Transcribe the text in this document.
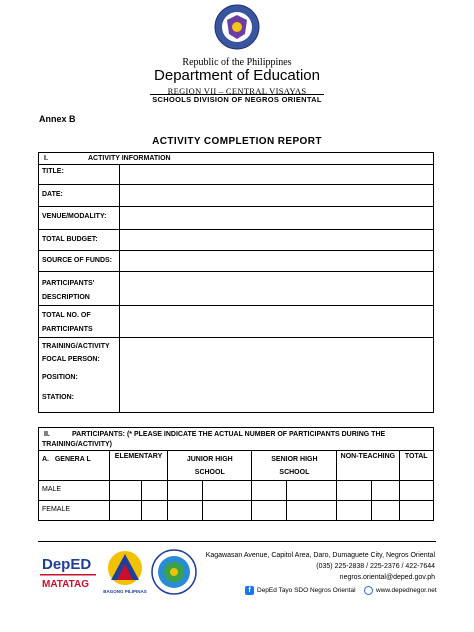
Republic of the Philippines
Department of Education
REGION VII – CENTRAL VISAYAS
SCHOOLS DIVISION OF NEGROS ORIENTAL
Annex B
ACTIVITY COMPLETION REPORT
I. ACTIVITY INFORMATION	
TITLE:	
DATE:	
VENUE/MODALITY:	
TOTAL BUDGET:	
SOURCE OF FUNDS:	
PARTICIPANTS' DESCRIPTION	
TOTAL NO. OF PARTICIPANTS	

TRAINING/ACTIVITY FOCAL PERSON:
POSITION:
STATION:	

II. PARTICIPANTS: (* PLEASE INDICATE THE ACTUAL NUMBER OF PARTICIPANTS DURING THE TRAINING/ACTIVITY)									
A. GENERA L	ELEMENTARY		JUNIOR HIGH SCHOOL		SENIOR HIGH SCHOOL		NON-TEACHING		TOTAL
MALE									
FEMALE									
DepED
MATATAG
BAGONG PILIPINAS
Kagawasan Avenue, Capitol Area, Daro, Dumaguete City, Negros Oriental
(035) 225-2838 / 225-2376 / 422-7644
negros.oriental@deped.gov.ph
f DepEd Tayo SDO Negros Oriental	www.depednegor.net
